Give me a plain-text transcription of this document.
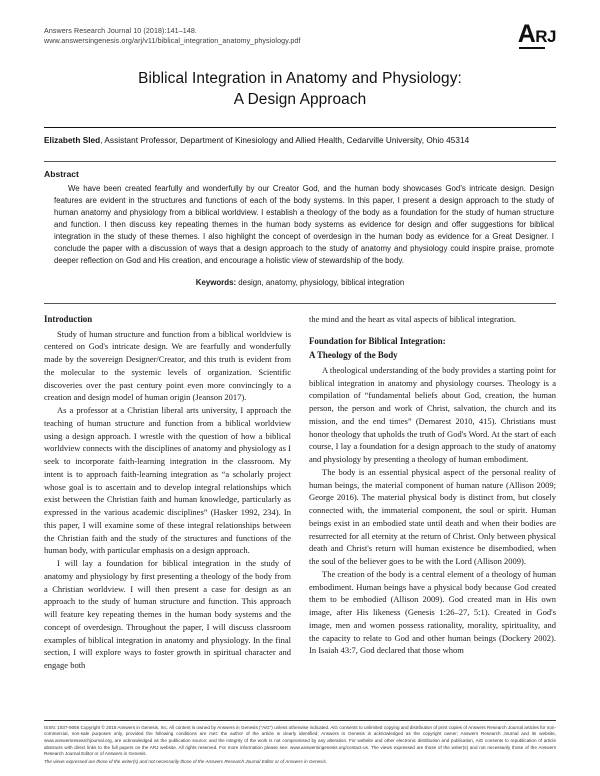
Answers Research Journal 10 (2018):141–148.
www.answersingenesis.org/arj/v11/biblical_integration_anatomy_physiology.pdf	ARJ
Biblical Integration in Anatomy and Physiology:
A Design Approach
Elizabeth Sled, Assistant Professor, Department of Kinesiology and Allied Health, Cedarville University, Ohio 45314
Abstract
We have been created fearfully and wonderfully by our Creator God, and the human body showcases God's intricate design. Design features are evident in the structures and functions of each of the body systems. In this paper, I present a design approach to the study of human anatomy and physiology from a biblical worldview. I establish a theology of the body as a foundation for the study of human structure and function. I then discuss key repeating themes in the human body systems as evidence for design and offer suggestions for biblical integration in the study of these themes. I also highlight the concept of overdesign in the human body as evidence for a Great Designer. I conclude the paper with a discussion of ways that a design approach to the study of anatomy and physiology could inspire praise, promote deeper reflection on God and His creation, and encourage a holistic view of stewardship of the body.
Keywords: design, anatomy, physiology, biblical integration
Introduction

Study of human structure and function from a biblical worldview is centered on God's intricate design. We are fearfully and wonderfully made by the sovereign Designer/Creator, and this truth is evident from the molecular to the systemic levels of organization. Scientific discoveries over the past century point even more convincingly to a creation and design model of human origin (Jeanson 2017).

As a professor at a Christian liberal arts university, I approach the teaching of human structure and function from a biblical worldview using a design approach. I wrestle with the question of how a biblical worldview connects with the disciplines of anatomy and physiology as I seek to incorporate faith-learning integration in the classroom. My intent is to approach faith-learning integration as “a scholarly project whose goal is to ascertain and to develop integral relationships which exist between the Christian faith and human knowledge, particularly as expressed in the various academic disciplines” (Hasker 1992, 234). In this paper, I will examine some of these integral relationships between the Christian faith and the study of the structures and functions of the human body, with particular emphasis on a design approach.

I will lay a foundation for biblical integration in the study of anatomy and physiology by first presenting a theology of the body from a Christian worldview. I will then present a case for design as an approach to the study of human structure and function. This approach will feature key repeating themes in the human body systems and the concept of overdesign. Throughout the paper, I will discuss classroom examples of biblical integration in anatomy and physiology. In the final section, I will explore ways to foster growth in spiritual character and engage both

the mind and the heart as vital aspects of biblical integration.

Foundation for Biblical Integration:
A Theology of the Body

A theological understanding of the body provides a starting point for biblical integration in anatomy and physiology courses. Theology is a compilation of “fundamental beliefs about God, creation, the human person, the person and work of Christ, salvation, the church and its mission, and the end times” (Demarest 2010, 415). Christians must honor theology that upholds the truth of God's Word. At the start of each course, I lay a foundation for a design approach to the study of anatomy and physiology by presenting a theology of human embodiment.

The body is an essential physical aspect of the personal reality of human beings, the material component of human nature (Allison 2009; George 2016). The material physical body is distinct from, but closely connected with, the immaterial component, the soul or spirit. Human beings exist in an embodied state until death and when their bodies are resurrected for all eternity at the return of Christ. Only between physical death and Christ's return will human existence be disembodied, when the soul of the believer goes to be with the Lord (Allison 2009).

The creation of the body is a central element of a theology of human embodiment. Human beings have a physical body because God created them to be embodied (Allison 2009). God created man in His own image, after His likeness (Genesis 1:26–27, 5:1). Created in God's image, men and women possess rationality, morality, spirituality, and the capacity to relate to God and other human beings (Dockery 2002). In Isaiah 43:7, God declared that those whom

ISSN: 1937-9056 Copyright © 2018 Answers in Genesis, Inc. All content is owned by Answers in Genesis (“AiG”) unless otherwise indicated. AiG consents to unlimited copying and distribution of print copies of Answers Research Journal articles for non-commercial, non-sale purposes only, provided the following conditions are met: the author of the article is clearly identified; Answers in Genesis is acknowledged as the copyright owner; Answers Research Journal and its website, www.answersresearchjournal.org, are acknowledged as the publication source; and the integrity of the work is not compromised by any alteration. For website and other electronic distribution and publication, AiG consents to republication of article abstracts with direct links to the full papers on the ARJ website. All rights reserved. For more information please see: www.answersingenesis.org/contact-us. The views expressed are those of the writer(s) and not necessarily those of the Answers Research Journal Editor or of Answers in Genesis.
The views expressed are those of the writer(s) and not necessarily those of the Answers Research Journal Editor or of Answers in Genesis.
